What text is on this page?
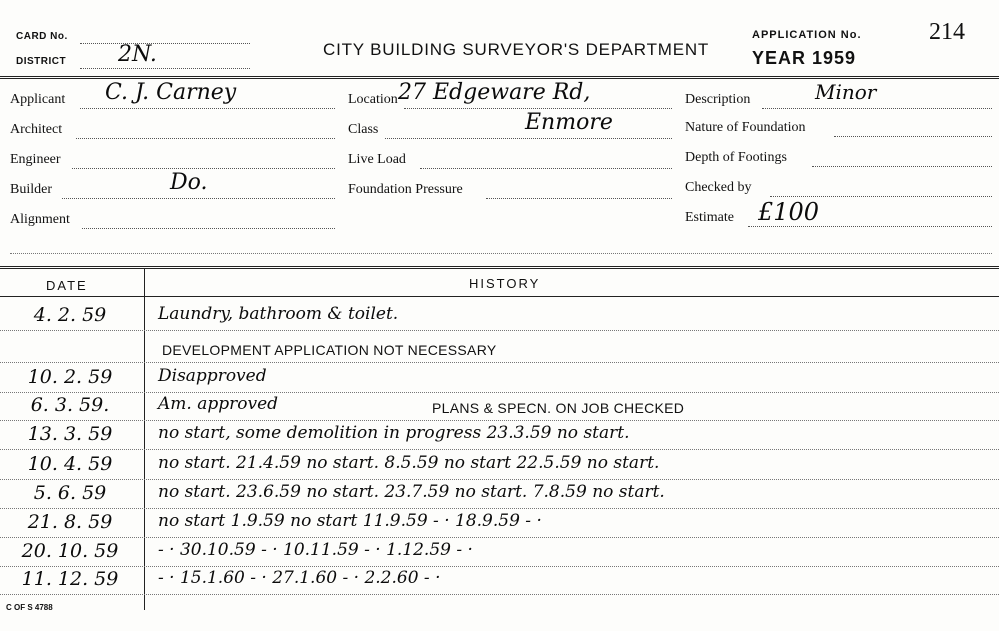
CARD No.
DISTRICT 2N.	CITY BUILDING SURVEYOR'S DEPARTMENT
APPLICATION No.
YEAR 1959
214
Applicant C. J. Carney
Architect
Engineer
Builder	Do.
Alignment
Location 27 Edgeware Rd,
Class	Enmore
Live Load
Foundation Pressure
Description	Minor
Nature of Foundation
Depth of Footings
Checked by
Estimate £100
DATE	HISTORY
4. 2. 59	Laundry, bathroom & toilet.
DEVELOPMENT APPLICATION NOT NECESSARY
10. 2. 59	Disapproved
6. 3. 59.	Am. approved	PLANS & SPECN. ON JOB CHECKED
13. 3. 59	no start, some demolition in progress 23.3.59 no start.
10. 4. 59	no start. 21.4.59 no start. 8.5.59 no start 22.5.59 no start.
5. 6. 59	no start. 23.6.59 no start. 23.7.59 no start. 7.8.59 no start.
21. 8. 59	no start 1.9.59 no start 11.9.59 - · 18.9.59 - ·
20. 10. 59	- · 30.10.59 - · 10.11.59 - · 1.12.59 - ·
11. 12. 59	- · 15.1.60 - · 27.1.60 - · 2.2.60 - ·
C OF S 4788
